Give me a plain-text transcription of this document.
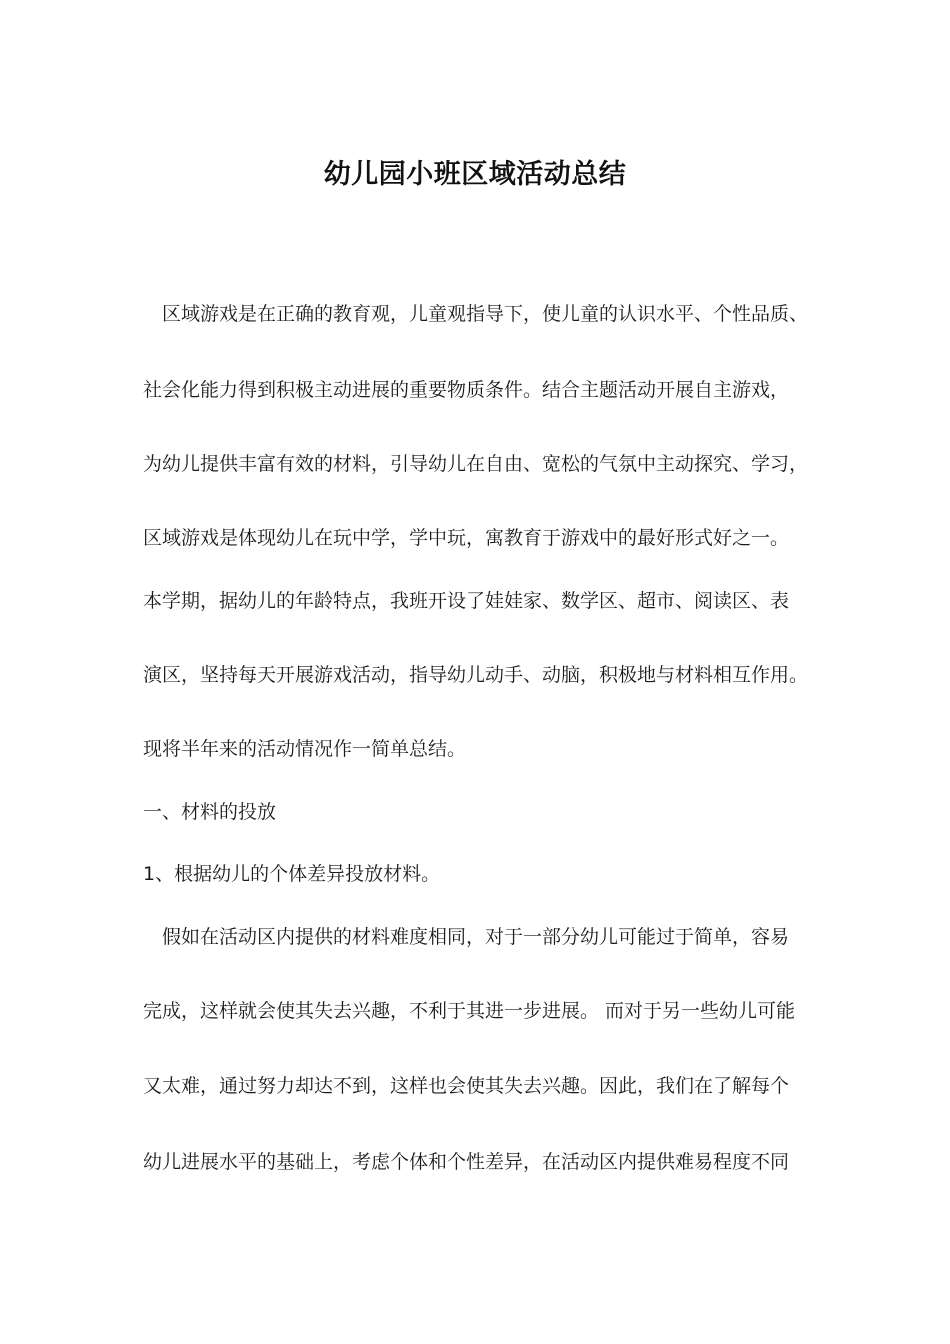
幼儿园小班区域活动总结
　区域游戏是在正确的教育观，儿童观指导下，使儿童的认识水平、个性品质、
社会化能力得到积极主动进展的重要物质条件。结合主题活动开展自主游戏，
为幼儿提供丰富有效的材料，引导幼儿在自由、宽松的气氛中主动探究、学习，
区域游戏是体现幼儿在玩中学，学中玩，寓教育于游戏中的最好形式好之一。
本学期，据幼儿的年龄特点，我班开设了娃娃家、数学区、超市、阅读区、表
演区，坚持每天开展游戏活动，指导幼儿动手、动脑，积极地与材料相互作用。
现将半年来的活动情况作一简单总结。
一、材料的投放
1、根据幼儿的个体差异投放材料。
　假如在活动区内提供的材料难度相同，对于一部分幼儿可能过于简单，容易
完成，这样就会使其失去兴趣，不利于其进一步进展。 而对于另一些幼儿可能
又太难，通过努力却达不到，这样也会使其失去兴趣。因此，我们在了解每个
幼儿进展水平的基础上，考虑个体和个性差异，在活动区内提供难易程度不同
